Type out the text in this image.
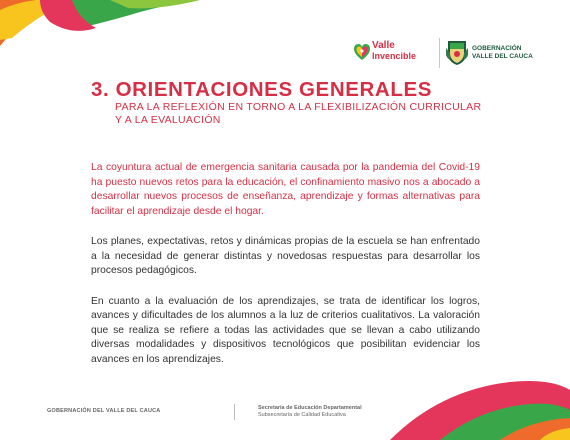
Valle
Invencible
GOBERNACIÓN
VALLE DEL CAUCA
3. ORIENTACIONES GENERALES
PARA LA REFLEXIÓN EN TORNO A LA FLEXIBILIZACIÓN CURRICULAR
Y A LA EVALUACIÓN

La coyuntura actual de emergencia sanitaria causada por la pandemia del Covid-19 ha puesto nuevos retos para la educación, el confinamiento masivo nos a abocado a desarrollar nuevos procesos de enseñanza, aprendizaje y formas alternativas para facilitar el aprendizaje desde el hogar.

Los planes, expectativas, retos y dinámicas propias de la escuela se han enfrentado a la necesidad de generar distintas y novedosas respuestas para desarrollar los procesos pedagógicos.

En cuanto a la evaluación de los aprendizajes, se trata de identificar los logros, avances y dificultades de los alumnos a la luz de criterios cualitativos. La valoración que se realiza se refiere a todas las actividades que se llevan a cabo utilizando diversas modalidades y dispositivos tecnológicos que posibilitan evidenciar los avances en los aprendizajes.

GOBERNACIÓN DEL VALLE DEL CAUCA	Secretaría de Educación Departamental
Subsecretaría de Calidad Educativa
